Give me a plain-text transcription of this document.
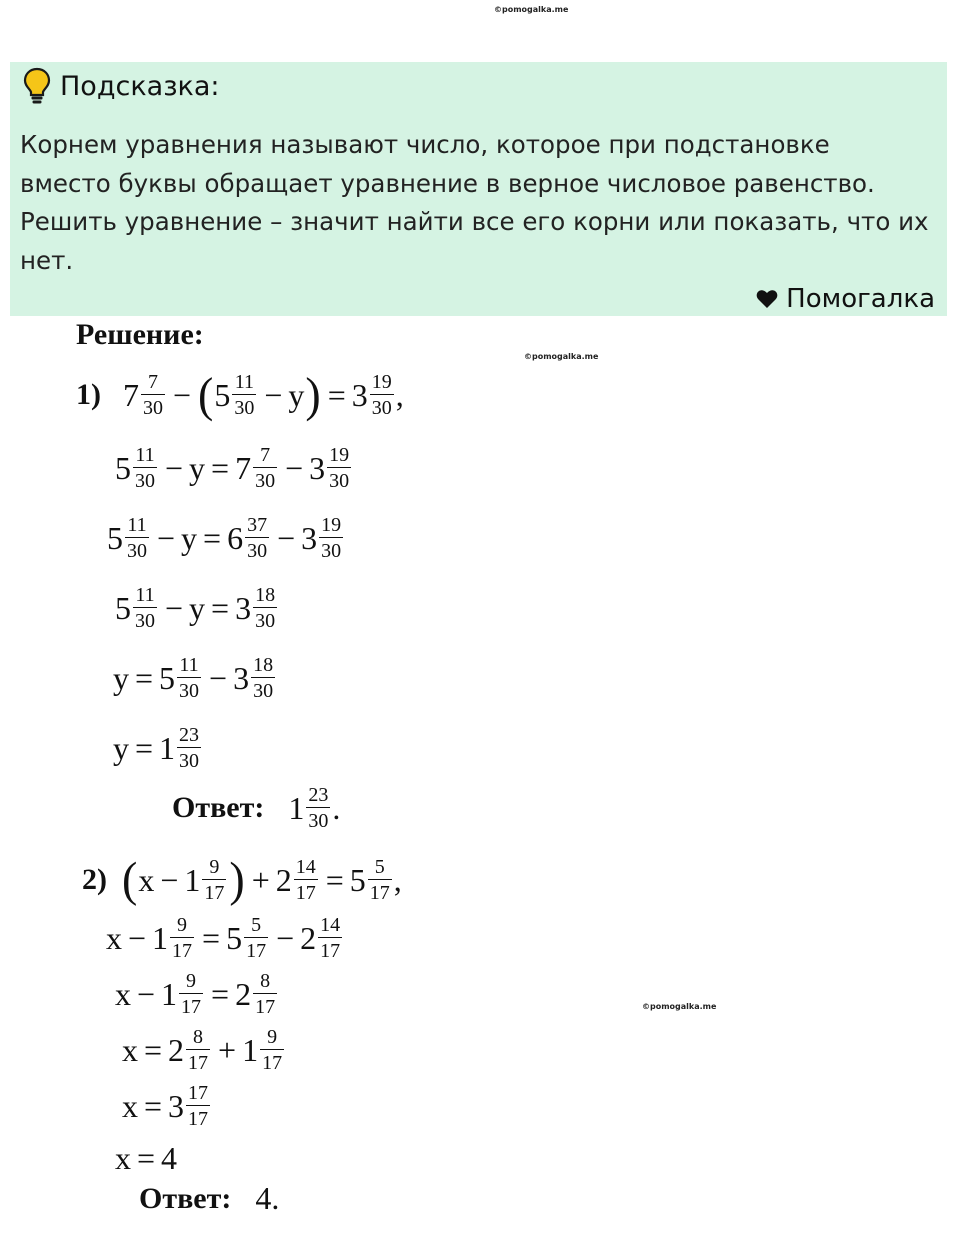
©pomogalka.me
©pomogalka.me
©pomogalka.me
Подсказка:
Корнем уравнения называют число, которое при подстановке
вместо буквы обращает уравнение в верное числовое равенство.
Решить уравнение – значит найти все его корни или показать, что их
нет.
Помогалка
Решение:
1) $7 \frac{7}{30}$ − ( $5 \frac{11}{30} - y$ ) = $3 \frac{19}{30}$ ,
$5 \frac{11}{30} - y = 7 \frac{7}{30} - 3 \frac{19}{30}$
$5 \frac{11}{30} - y = 6 \frac{37}{30} - 3 \frac{19}{30}$
$5 \frac{11}{30} - y = 3 \frac{18}{30}$
$y = 5 \frac{11}{30} - 3 \frac{18}{30}$
$y = 1 \frac{23}{30}$
Ответ: $1 \frac{23}{30}$ .
2) ( $x - 1 \frac{9}{17}$ ) + $2 \frac{14}{17} = 5 \frac{5}{17}$ ,
$x - 1 \frac{9}{17} = 5 \frac{5}{17} - 2 \frac{14}{17}$
$x - 1 \frac{9}{17} = 2 \frac{8}{17}$
$x = 2 \frac{8}{17} + 1 \frac{9}{17}$
$x = 3 \frac{17}{17}$
x = 4
Ответ: 4.
